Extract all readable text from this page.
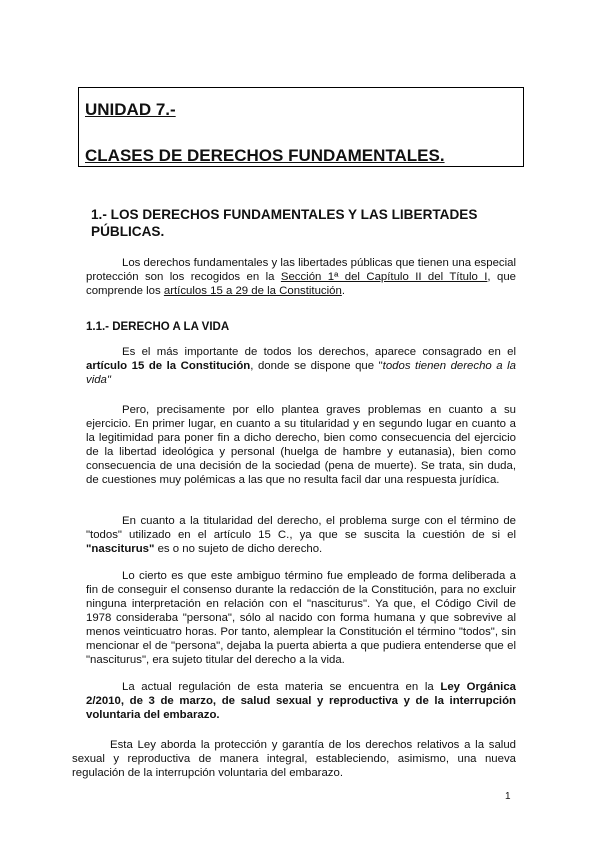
UNIDAD 7.-

CLASES DE DERECHOS FUNDAMENTALES.

1.- LOS DERECHOS FUNDAMENTALES Y LAS LIBERTADES PÚBLICAS.

Los derechos fundamentales y las libertades públicas que tienen una especial protección son los recogidos en la Sección 1ª del Capítulo II del Título I, que comprende los artículos 15 a 29 de la Constitución.

1.1.- DERECHO A LA VIDA

Es el más importante de todos los derechos, aparece consagrado en el artículo 15 de la Constitución, donde se dispone que "todos tienen derecho a la vida"

Pero, precisamente por ello plantea graves problemas en cuanto a su ejercicio. En primer lugar, en cuanto a su titularidad y en segundo lugar en cuanto a la legitimidad para poner fin a dicho derecho, bien como consecuencia del ejercicio de la libertad ideológica y personal (huelga de hambre y eutanasia), bien como consecuencia de una decisión de la sociedad (pena de muerte). Se trata, sin duda, de cuestiones muy polémicas a las que no resulta facil dar una respuesta jurídica.

En cuanto a la titularidad del derecho, el problema surge con el término de "todos" utilizado en el artículo 15 C., ya que se suscita la cuestión de si el "nasciturus" es o no sujeto de dicho derecho.

Lo cierto es que este ambiguo término fue empleado de forma deliberada a fin de conseguir el consenso durante la redacción de la Constitución, para no excluir ninguna interpretación en relación con el "nasciturus". Ya que, el Código Civil de 1978 consideraba "persona", sólo al nacido con forma humana y que sobrevive al menos veinticuatro horas. Por tanto, alemplear la Constitución el término "todos", sin mencionar el de "persona", dejaba la puerta abierta a que pudiera entenderse que el "nasciturus", era sujeto titular del derecho a la vida.

La actual regulación de esta materia se encuentra en la Ley Orgánica 2/2010, de 3 de marzo, de salud sexual y reproductiva y de la interrupción voluntaria del embarazo.

Esta Ley aborda la protección y garantía de los derechos relativos a la salud sexual y reproductiva de manera integral, estableciendo, asimismo, una nueva regulación de la interrupción voluntaria del embarazo.

1
